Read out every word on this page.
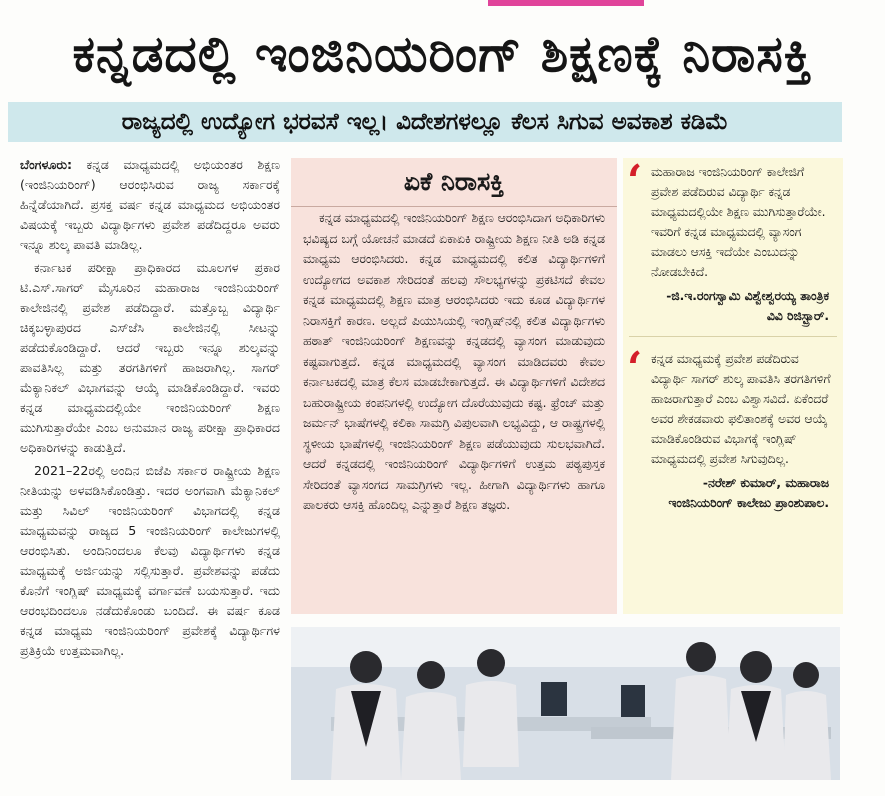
ಕನ್ನಡದಲ್ಲಿ ಇಂಜಿನಿಯರಿಂಗ್ ಶಿಕ್ಷಣಕ್ಕೆ ನಿರಾಸಕ್ತಿ
ರಾಜ್ಯದಲ್ಲಿ ಉದ್ಯೋಗ ಭರವಸೆ ಇಲ್ಲ। ವಿದೇಶಗಳಲ್ಲೂ ಕೆಲಸ ಸಿಗುವ ಅವಕಾಶ ಕಡಿಮೆ

ಬೆಂಗಳೂರು: ಕನ್ನಡ ಮಾಧ್ಯಮದಲ್ಲಿ ಅಭಿಯಂತರ ಶಿಕ್ಷಣ (ಇಂಜಿನಿಯರಿಂಗ್) ಆರಂಭಿಸಿರುವ ರಾಜ್ಯ ಸರ್ಕಾರಕ್ಕೆ ಹಿನ್ನೆಡೆಯಾಗಿದೆ. ಪ್ರಸಕ್ತ ವರ್ಷ ಕನ್ನಡ ಮಾಧ್ಯಮದ ಅಭಿಯಂತರ ವಿಷಯಕ್ಕೆ ಇಬ್ಬರು ವಿದ್ಯಾರ್ಥಿಗಳು ಪ್ರವೇಶ ಪಡೆದಿದ್ದರೂ ಅವರು ಇನ್ನೂ ಶುಲ್ಕ ಪಾವತಿ ಮಾಡಿಲ್ಲ.

ಕರ್ನಾಟಕ ಪರೀಕ್ಷಾ ಪ್ರಾಧಿಕಾರದ ಮೂಲಗಳ ಪ್ರಕಾರ ಟಿ.ಎಸ್.ಸಾಗರ್ ಮೈಸೂರಿನ ಮಹಾರಾಜ ಇಂಜಿನಿಯರಿಂಗ್ ಕಾಲೇಜಿನಲ್ಲಿ ಪ್ರವೇಶ ಪಡೆದಿದ್ದಾರೆ. ಮತ್ತೊಬ್ಬ ವಿದ್ಯಾರ್ಥಿ ಚಿಕ್ಕಬಳ್ಳಾಪುರದ ಎಸ್‌ಜೆಸಿ ಕಾಲೇಜಿನಲ್ಲಿ ಸೀಟನ್ನು ಪಡೆದುಕೊಂಡಿದ್ದಾರೆ. ಆದರೆ ಇಬ್ಬರು ಇನ್ನೂ ಶುಲ್ಕವನ್ನು ಪಾವತಿಸಿಲ್ಲ ಮತ್ತು ತರಗತಿಗಳಿಗೆ ಹಾಜರಾಗಿಲ್ಲ. ಸಾಗರ್ ಮೆಕ್ಯಾನಿಕಲ್ ವಿಭಾಗವನ್ನು ಆಯ್ಕೆ ಮಾಡಿಕೊಂಡಿದ್ದಾರೆ. ಇವರು ಕನ್ನಡ ಮಾಧ್ಯಮದಲ್ಲಿಯೇ ಇಂಜಿನಿಯರಿಂಗ್ ಶಿಕ್ಷಣ ಮುಗಿಸುತ್ತಾರೆಯೇ ಎಂಬ ಅನುಮಾನ ರಾಜ್ಯ ಪರೀಕ್ಷಾ ಪ್ರಾಧಿಕಾರದ ಅಧಿಕಾರಿಗಳನ್ನು ಕಾಡುತ್ತಿದೆ.

2021–22ರಲ್ಲಿ ಅಂದಿನ ಬಿಜೆಪಿ ಸರ್ಕಾರ ರಾಷ್ಟ್ರೀಯ ಶಿಕ್ಷಣ ನೀತಿಯನ್ನು ಅಳವಡಿಸಿಕೊಂಡಿತ್ತು. ಇದರ ಅಂಗವಾಗಿ ಮೆಕ್ಯಾನಿಕಲ್ ಮತ್ತು ಸಿವಿಲ್ ಇಂಜಿನಿಯರಿಂಗ್ ವಿಭಾಗದಲ್ಲಿ ಕನ್ನಡ ಮಾಧ್ಯಮವನ್ನು ರಾಜ್ಯದ 5 ಇಂಜಿನಿಯರಿಂಗ್ ಕಾಲೇಜುಗಳಲ್ಲಿ ಆರಂಭಿಸಿತು. ಅಂದಿನಿಂದಲೂ ಕೆಲವು ವಿದ್ಯಾರ್ಥಿಗಳು ಕನ್ನಡ ಮಾಧ್ಯಮಕ್ಕೆ ಅರ್ಜಿಯನ್ನು ಸಲ್ಲಿಸುತ್ತಾರೆ. ಪ್ರವೇಶವನ್ನು ಪಡೆದು ಕೊನೆಗೆ ಇಂಗ್ಲಿಷ್ ಮಾಧ್ಯಮಕ್ಕೆ ವರ್ಗಾವಣೆ ಬಯಸುತ್ತಾರೆ. ಇದು ಆರಂಭದಿಂದಲೂ ನಡೆದುಕೊಂಡು ಬಂದಿದೆ. ಈ ವರ್ಷ ಕೂಡ ಕನ್ನಡ ಮಾಧ್ಯಮ ಇಂಜಿನಿಯರಿಂಗ್ ಪ್ರವೇಶಕ್ಕೆ ವಿದ್ಯಾರ್ಥಿಗಳ ಪ್ರತಿಕ್ರಿಯೆ ಉತ್ತಮವಾಗಿಲ್ಲ.

ಏಕೆ ನಿರಾಸಕ್ತಿ

ಕನ್ನಡ ಮಾಧ್ಯಮದಲ್ಲಿ ಇಂಜಿನಿಯರಿಂಗ್ ಶಿಕ್ಷಣ ಆರಂಭಿಸಿದಾಗ ಅಧಿಕಾರಿಗಳು ಭವಿಷ್ಯದ ಬಗ್ಗೆ ಯೋಚನೆ ಮಾಡದೆ ಏಕಾಏಕಿ ರಾಷ್ಟ್ರೀಯ ಶಿಕ್ಷಣ ನೀತಿ ಅಡಿ ಕನ್ನಡ ಮಾಧ್ಯಮ ಆರಂಭಿಸಿದರು. ಕನ್ನಡ ಮಾಧ್ಯಮದಲ್ಲಿ ಕಲಿತ ವಿದ್ಯಾರ್ಥಿಗಳಿಗೆ ಉದ್ಯೋಗದ ಅವಕಾಶ ಸೇರಿದಂತೆ ಹಲವು ಸೌಲಭ್ಯಗಳನ್ನು ಪ್ರಕಟಿಸದೆ ಕೇವಲ ಕನ್ನಡ ಮಾಧ್ಯಮದಲ್ಲಿ ಶಿಕ್ಷಣ ಮಾತ್ರ ಆರಂಭಿಸಿದರು ಇದು ಕೂಡ ವಿದ್ಯಾರ್ಥಿಗಳ ನಿರಾಸಕ್ತಿಗೆ ಕಾರಣ. ಅಲ್ಲದೆ ಪಿಯುಸಿಯಲ್ಲಿ ಇಂಗ್ಲಿಷ್‌ನಲ್ಲಿ ಕಲಿತ ವಿದ್ಯಾರ್ಥಿಗಳು ಹಠಾತ್ ಇಂಜಿನಿಯರಿಂಗ್ ಶಿಕ್ಷಣವನ್ನು ಕನ್ನಡದಲ್ಲಿ ವ್ಯಾಸಂಗ ಮಾಡುವುದು ಕಷ್ಟವಾಗುತ್ತದೆ. ಕನ್ನಡ ಮಾಧ್ಯಮದಲ್ಲಿ ವ್ಯಾಸಂಗ ಮಾಡಿದವರು ಕೇವಲ ಕರ್ನಾಟಕದಲ್ಲಿ ಮಾತ್ರ ಕೆಲಸ ಮಾಡಬೇಕಾಗುತ್ತದೆ. ಈ ವಿದ್ಯಾರ್ಥಿಗಳಿಗೆ ವಿದೇಶದ ಬಹುರಾಷ್ಟ್ರೀಯ ಕಂಪನಿಗಳಲ್ಲಿ ಉದ್ಯೋಗ ದೊರೆಯುವುದು ಕಷ್ಟ. ಫ್ರೆಂಚ್ ಮತ್ತು ಜರ್ಮನ್ ಭಾಷೆಗಳಲ್ಲಿ ಕಲಿಕಾ ಸಾಮಗ್ರಿ ವಿಪುಲವಾಗಿ ಲಭ್ಯವಿದ್ದು, ಆ ರಾಷ್ಟ್ರಗಳಲ್ಲಿ ಸ್ಥಳೀಯ ಭಾಷೆಗಳಲ್ಲಿ ಇಂಜಿನಿಯರಿಂಗ್ ಶಿಕ್ಷಣ ಪಡೆಯುವುದು ಸುಲಭವಾಗಿದೆ. ಆದರೆ ಕನ್ನಡದಲ್ಲಿ ಇಂಜಿನಿಯರಿಂಗ್ ವಿದ್ಯಾರ್ಥಿಗಳಿಗೆ ಉತ್ತಮ ಪಠ್ಯಪುಸ್ತಕ ಸೇರಿದಂತೆ ವ್ಯಾಸಂಗದ ಸಾಮಗ್ರಿಗಳು ಇಲ್ಲ. ಹೀಗಾಗಿ ವಿದ್ಯಾರ್ಥಿಗಳು ಹಾಗೂ ಪಾಲಕರು ಆಸಕ್ತಿ ಹೊಂದಿಲ್ಲ ಎನ್ನುತ್ತಾರೆ ಶಿಕ್ಷಣ ತಜ್ಞರು.

‘ ಮಹಾರಾಜ ಇಂಜಿನಿಯರಿಂಗ್ ಕಾಲೇಜಿಗೆ ಪ್ರವೇಶ ಪಡೆದಿರುವ ವಿದ್ಯಾರ್ಥಿ ಕನ್ನಡ ಮಾಧ್ಯಮದಲ್ಲಿಯೇ ಶಿಕ್ಷಣ ಮುಗಿಸುತ್ತಾರೆಯೇ. ಇವರಿಗೆ ಕನ್ನಡ ಮಾಧ್ಯಮದಲ್ಲಿ ವ್ಯಾಸಂಗ ಮಾಡಲು ಆಸಕ್ತಿ ಇದೆಯೇ ಎಂಬುದನ್ನು ನೋಡಬೇಕಿದೆ.
-ಜಿ.ಇ.ರಂಗಸ್ವಾಮಿ ವಿಶ್ವೇಶ್ವರಯ್ಯ ತಾಂತ್ರಿಕ ವಿವಿ ರಿಜಿಸ್ಟ್ರಾರ್.
‘ ಕನ್ನಡ ಮಾಧ್ಯಮಕ್ಕೆ ಪ್ರವೇಶ ಪಡೆದಿರುವ ವಿದ್ಯಾರ್ಥಿ ಸಾಗರ್ ಶುಲ್ಕ ಪಾವತಿಸಿ ತರಗತಿಗಳಿಗೆ ಹಾಜರಾಗುತ್ತಾರೆ ಎಂಬ ವಿಶ್ವಾಸವಿದೆ. ಏಕೆಂದರೆ ಅವರ ಶೇಕಡವಾರು ಫಲಿತಾಂಶಕ್ಕೆ ಅವರ ಆಯ್ಕೆ ಮಾಡಿಕೊಂಡಿರುವ ವಿಭಾಗಕ್ಕೆ ಇಂಗ್ಲಿಷ್ ಮಾಧ್ಯಮದಲ್ಲಿ ಪ್ರವೇಶ ಸಿಗುವುದಿಲ್ಲ.
-ನರೇಶ್ ಕುಮಾರ್, ಮಹಾರಾಜ ಇಂಜಿನಿಯರಿಂಗ್ ಕಾಲೇಜು ಪ್ರಾಂಶುಪಾಲ.
